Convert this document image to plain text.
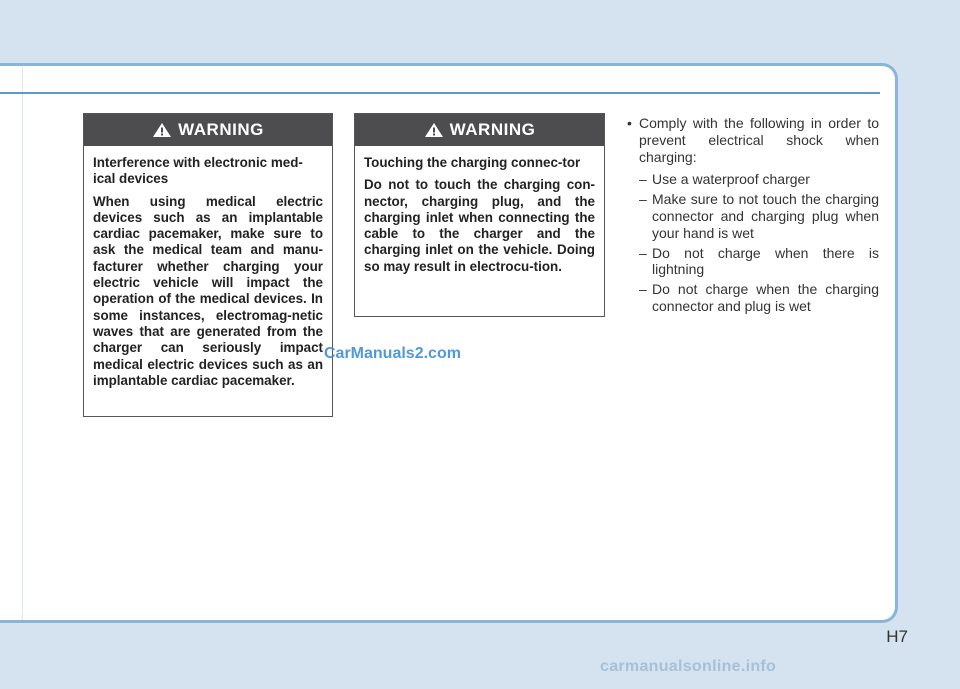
WARNING

Interference with electronic med-ical devices

When using medical electric devices such as an implantable cardiac pacemaker, make sure to ask the medical team and manu-facturer whether charging your electric vehicle will impact the operation of the medical devices. In some instances, electromag-netic waves that are generated from the charger can seriously impact medical electric devices such as an implantable cardiac pacemaker.

WARNING

Touching the charging connec-tor

Do not to touch the charging con-nector, charging plug, and the charging inlet when connecting the cable to the charger and the charging inlet on the vehicle. Doing so may result in electrocu-tion.

• Comply with the following in order to prevent electrical shock when charging:
– Use a waterproof charger
– Make sure to not touch the charging connector and charging plug when your hand is wet
– Do not charge when there is lightning
– Do not charge when the charging connector and plug is wet
CarManuals2.com
H7
carmanualsonline.info
